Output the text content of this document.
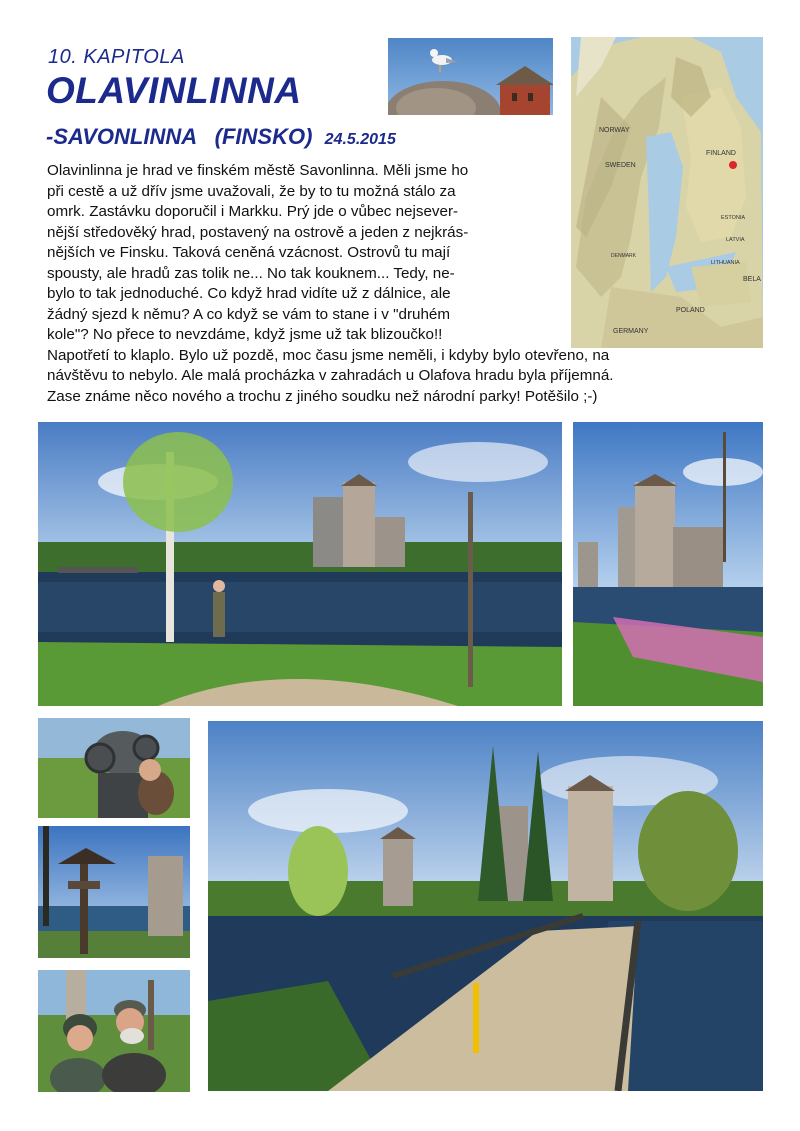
10. KAPITOLA
OLAVINLINNA
-SAVONLINNA   (FINSKO) 24.5.2015
NORWAY
SWEDEN
FINLAND
ESTONIA
LATVIA
LITHUANIA
POLAND
GERMANY
DENMARK
BELA

Olavinlinna je hrad ve finském městě Savonlinna. Měli jsme ho

při cestě a už dřív jsme uvažovali, že by to tu možná stálo za

omrk. Zastávku doporučil i Markku. Prý jde o vůbec nejsever-

nější středověký hrad, postavený na ostrově a jeden z nejkrás-

nějších ve Finsku. Taková ceněná vzácnost. Ostrovů tu mají

spousty, ale hradů zas tolik ne... No tak kouknem... Tedy, ne-

bylo to tak jednoduché. Co když hrad vidíte už z dálnice, ale

žádný sjezd k němu? A co když se vám to stane i v "druhém

kole"? No přece to nevzdáme, když jsme už tak blizoučko!!

Napotřetí to klaplo. Bylo už pozdě, moc času jsme neměli, i kdyby bylo otevřeno, na

návštěvu to nebylo. Ale malá procházka v zahradách u Olafova hradu byla příjemná.

Zase známe něco nového a trochu z jiného soudku než národní parky! Potěšilo ;-)
